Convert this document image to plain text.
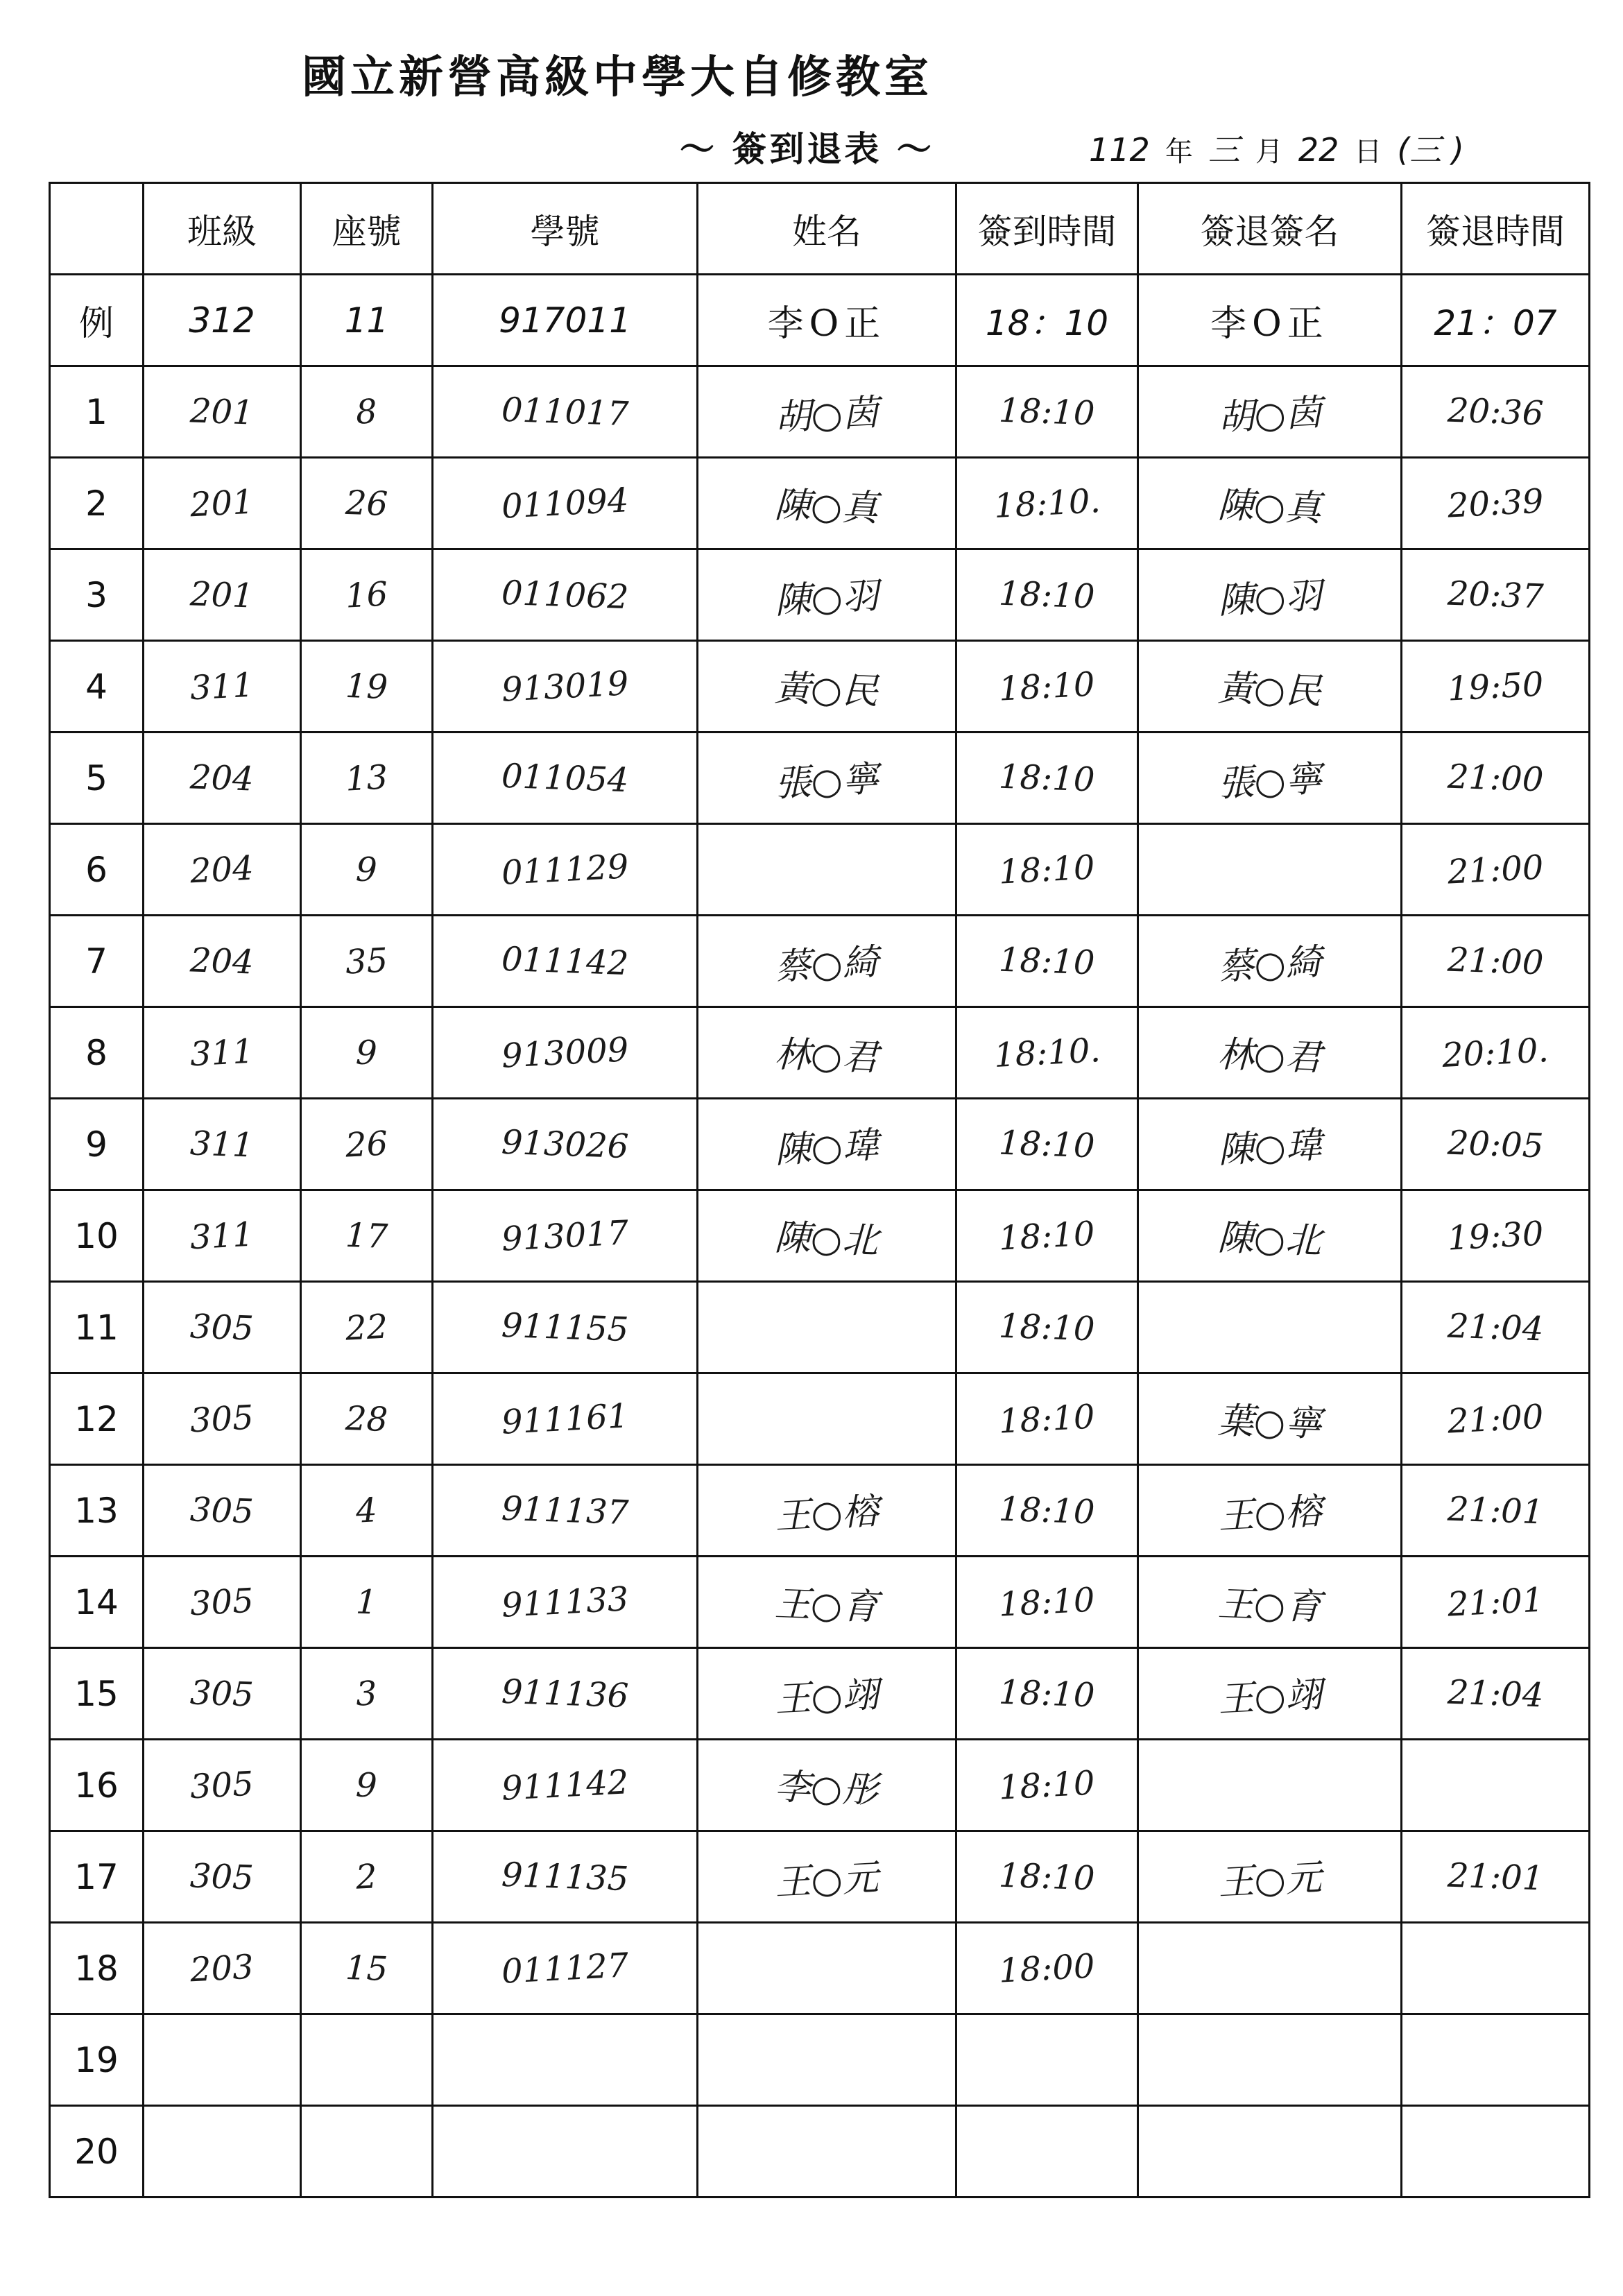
國立新營高級中學大自修教室
〜 簽到退表 〜	112 年 三 月 22 日 (三 )
	班級	座號	學號	姓名	簽到時間	簽退簽名	簽退時間
例	312	11	917011	李O正	18：10	李O正	21：07
1	201	8	011017	胡○茵	18:10	胡○茵	20:36
2	201	26	011094	陳○真	18:10.	陳○真	20:39
3	201	16	011062	陳○羽	18:10	陳○羽	20:37
4	311	19	913019	黃○民	18:10	黃○民	19:50
5	204	13	011054	張○寧	18:10	張○寧	21:00
6	204	9	011129		18:10		21:00
7	204	35	011142	蔡○綺	18:10	蔡○綺	21:00
8	311	9	913009	林○君	18:10.	林○君	20:10.
9	311	26	913026	陳○瑋	18:10	陳○瑋	20:05
10	311	17	913017	陳○北	18:10	陳○北	19:30
11	305	22	911155		18:10		21:04
12	305	28	911161		18:10	葉○寧	21:00
13	305	4	911137	王○榕	18:10	王○榕	21:01
14	305	1	911133	王○育	18:10	王○育	21:01
15	305	3	911136	王○翊	18:10	王○翊	21:04
16	305	9	911142	李○彤	18:10		
17	305	2	911135	王○元	18:10	王○元	21:01
18	203	15	011127		18:00		
19							
20							
